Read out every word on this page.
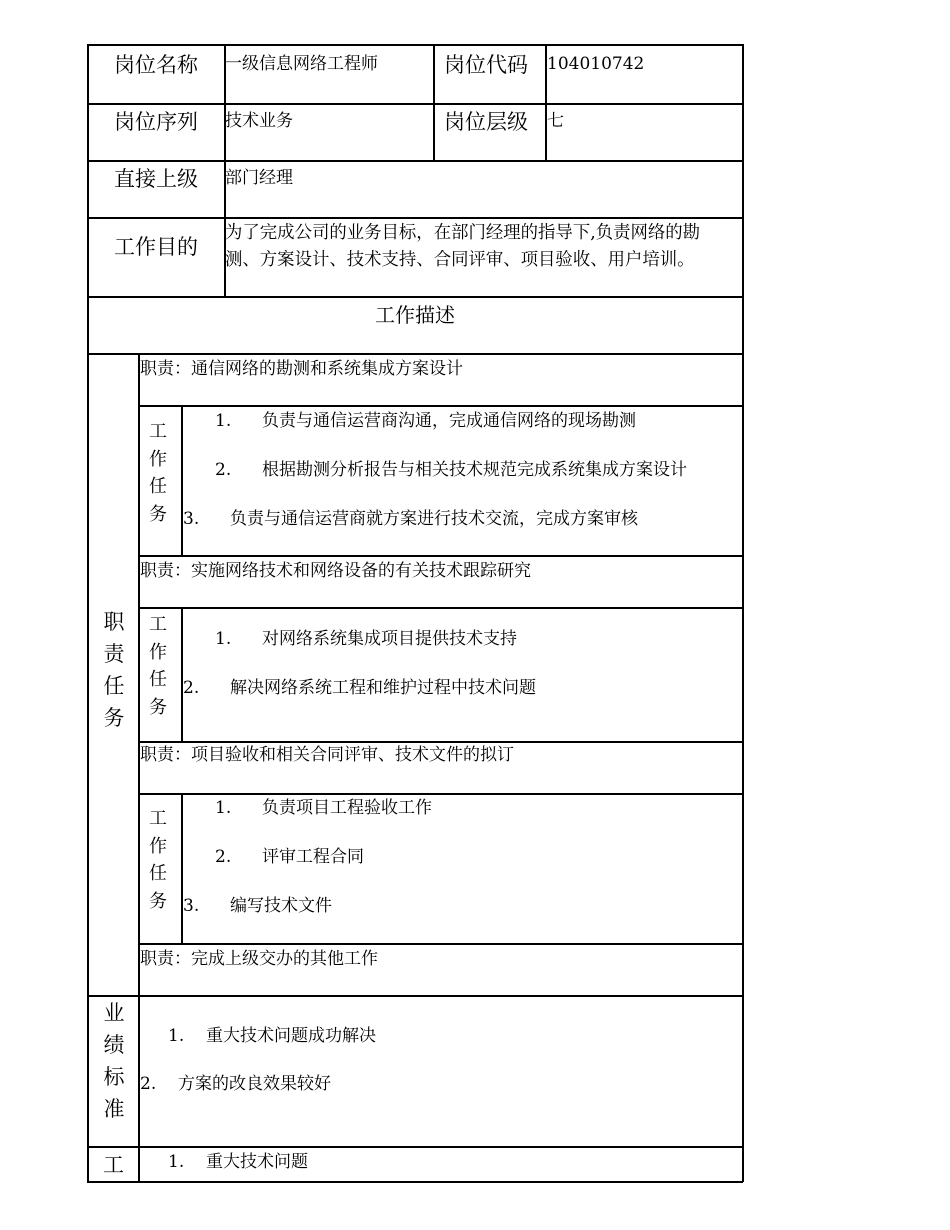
岗位名称 一级信息网络工程师	岗位代码 104010742
岗位序列 技术业务	岗位层级 七
直接上级 部门经理
工作目的
为了完成公司的业务目标，在部门经理的指导下,负责网络的勘
测、方案设计、技术支持、合同评审、项目验收、用户培训。
工作描述
职责任务
职责：通信网络的勘测和系统集成方案设计
工作任务
1. 负责与通信运营商沟通，完成通信网络的现场勘测
2. 根据勘测分析报告与相关技术规范完成系统集成方案设计
3. 负责与通信运营商就方案进行技术交流，完成方案审核
职责：实施网络技术和网络设备的有关技术跟踪研究
工作任务
1. 对网络系统集成项目提供技术支持
2. 解决网络系统工程和维护过程中技术问题
职责：项目验收和相关合同评审、技术文件的拟订
工作任务
1. 负责项目工程验收工作
2. 评审工程合同
3. 编写技术文件
职责：完成上级交办的其他工作
业绩标准
1. 重大技术问题成功解决
2. 方案的改良效果较好
工	1. 重大技术问题
